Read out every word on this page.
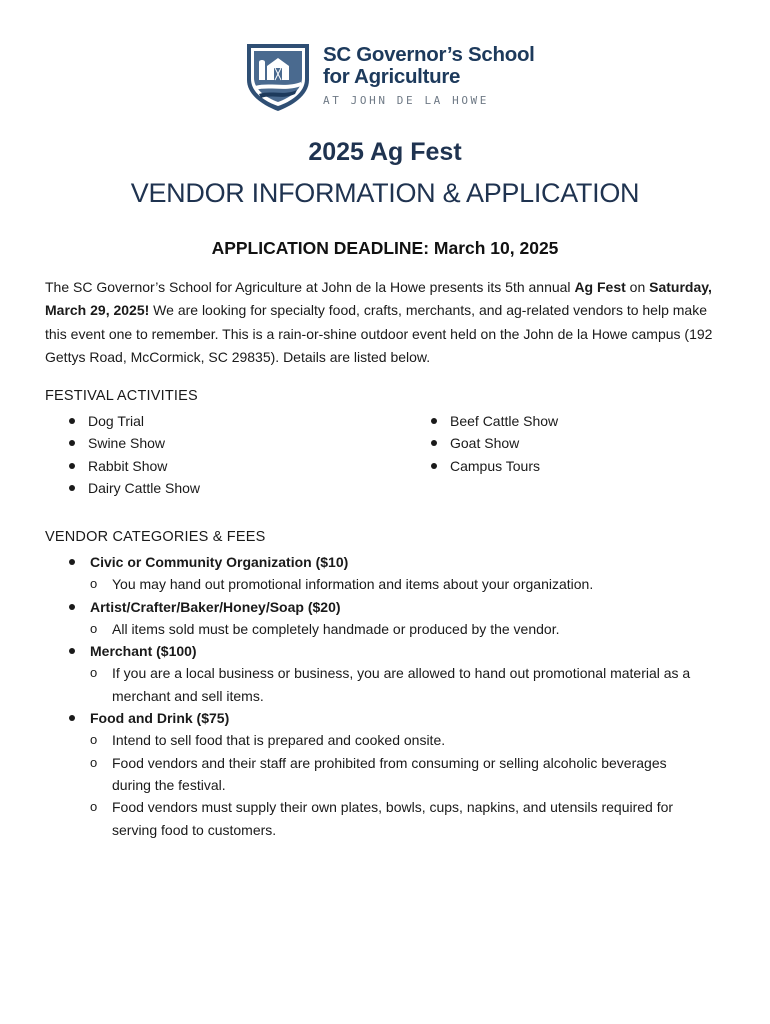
SC Governor’s School
for Agriculture
AT JOHN DE LA HOWE
2025 Ag Fest
VENDOR INFORMATION & APPLICATION
APPLICATION DEADLINE: March 10, 2025
The SC Governor’s School for Agriculture at John de la Howe presents its 5th annual Ag Fest on Saturday, March 29, 2025! We are looking for specialty food, crafts, merchants, and ag-related vendors to help make this event one to remember. This is a rain-or-shine outdoor event held on the John de la Howe campus (192 Gettys Road, McCormick, SC 29835). Details are listed below.
FESTIVAL ACTIVITIES
Dog Trial
Swine Show
Rabbit Show
Dairy Cattle Show
Beef Cattle Show
Goat Show
Campus Tours
VENDOR CATEGORIES & FEES
Civic or Community Organization ($10)
o You may hand out promotional information and items about your organization.
Artist/Crafter/Baker/Honey/Soap ($20)
o All items sold must be completely handmade or produced by the vendor.
Merchant ($100)
o If you are a local business or business, you are allowed to hand out promotional material as a merchant and sell items.
Food and Drink ($75)
o Intend to sell food that is prepared and cooked onsite.
o Food vendors and their staff are prohibited from consuming or selling alcoholic beverages during the festival.
o Food vendors must supply their own plates, bowls, cups, napkins, and utensils required for serving food to customers.
